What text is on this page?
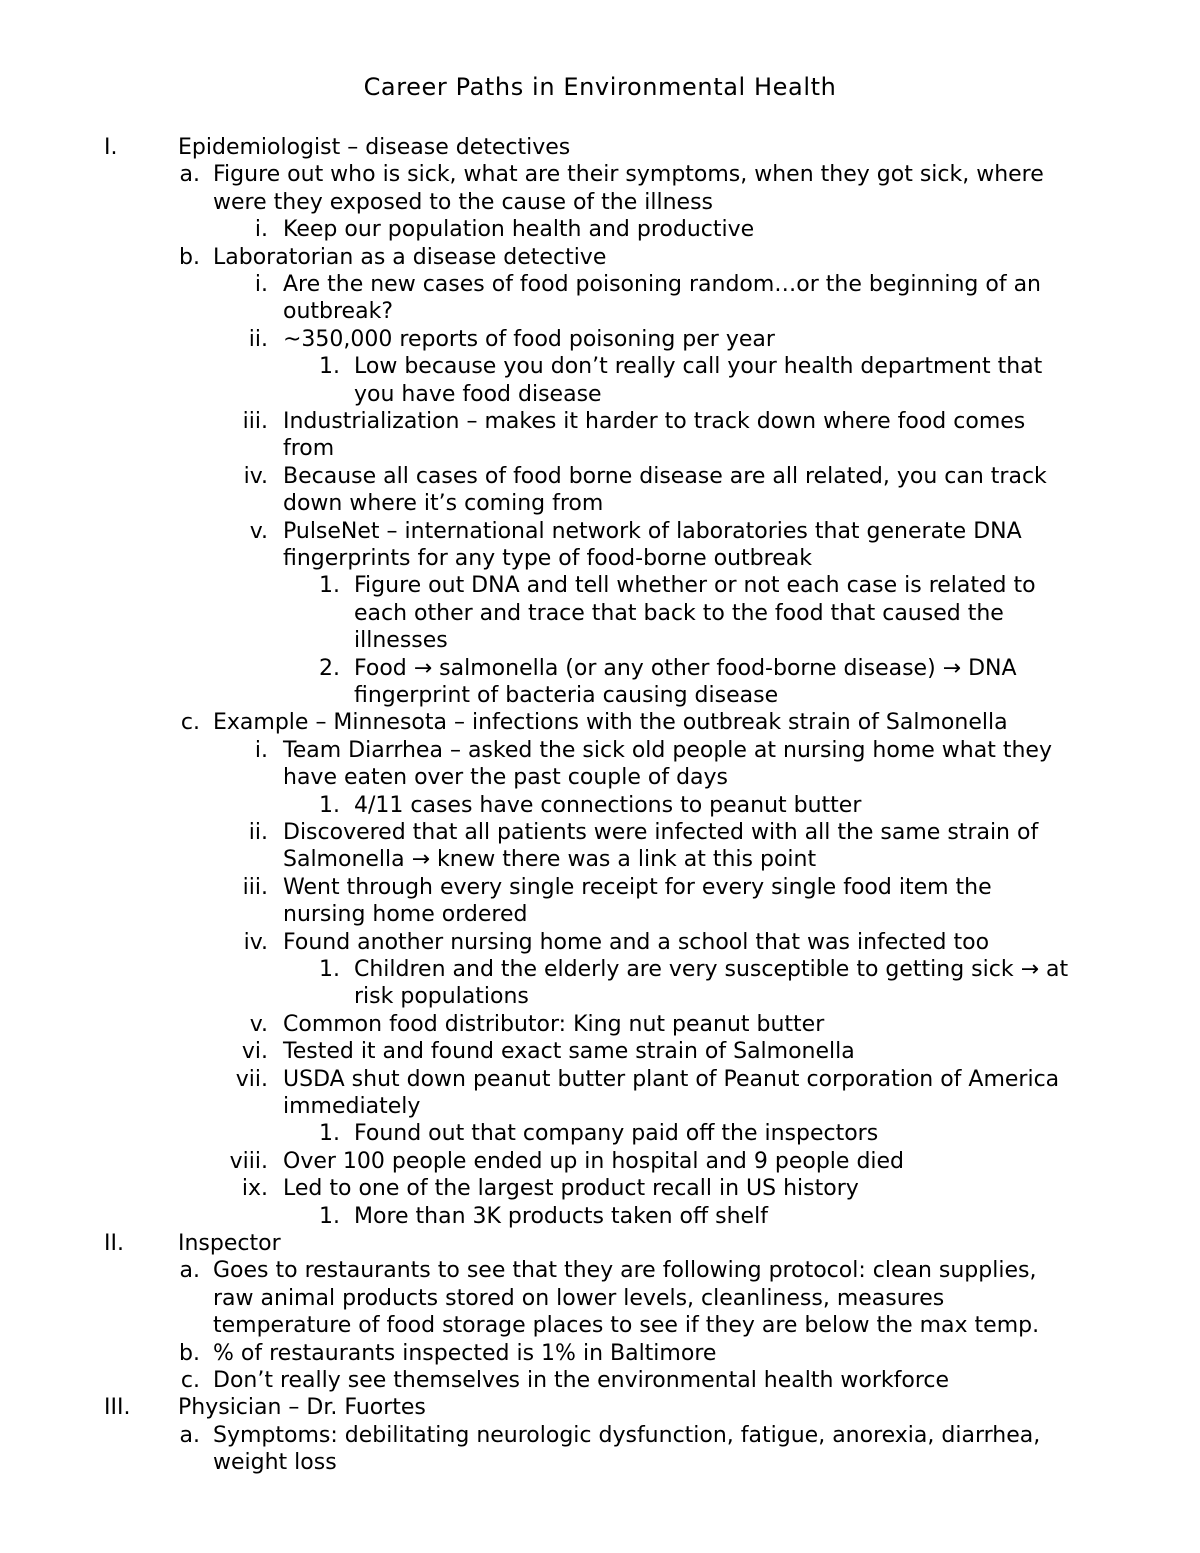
Career Paths in Environmental Health
I.	Epidemiologist – disease detectives
a. Figure out who is sick, what are their symptoms, when they got sick, where
were they exposed to the cause of the illness
i. Keep our population health and productive
b. Laboratorian as a disease detective
i. Are the new cases of food poisoning random…or the beginning of an
outbreak?
ii. ~350,000 reports of food poisoning per year
1. Low because you don’t really call your health department that
you have food disease
iii. Industrialization – makes it harder to track down where food comes
from
iv. Because all cases of food borne disease are all related, you can track
down where it’s coming from
v. PulseNet – international network of laboratories that generate DNA
fingerprints for any type of food-borne outbreak
1. Figure out DNA and tell whether or not each case is related to
each other and trace that back to the food that caused the
illnesses
2. Food → salmonella (or any other food-borne disease) → DNA
fingerprint of bacteria causing disease
c. Example – Minnesota – infections with the outbreak strain of Salmonella
i. Team Diarrhea – asked the sick old people at nursing home what they
have eaten over the past couple of days
1. 4/11 cases have connections to peanut butter
ii. Discovered that all patients were infected with all the same strain of
Salmonella → knew there was a link at this point
iii. Went through every single receipt for every single food item the
nursing home ordered
iv. Found another nursing home and a school that was infected too
1. Children and the elderly are very susceptible to getting sick → at
risk populations
v. Common food distributor: King nut peanut butter
vi. Tested it and found exact same strain of Salmonella
vii. USDA shut down peanut butter plant of Peanut corporation of America
immediately
1. Found out that company paid off the inspectors
viii. Over 100 people ended up in hospital and 9 people died
ix. Led to one of the largest product recall in US history
1. More than 3K products taken off shelf
II. Inspector
a. Goes to restaurants to see that they are following protocol: clean supplies,
raw animal products stored on lower levels, cleanliness, measures
temperature of food storage places to see if they are below the max temp.
b. % of restaurants inspected is 1% in Baltimore
c. Don’t really see themselves in the environmental health workforce
III. Physician – Dr. Fuortes
a. Symptoms: debilitating neurologic dysfunction, fatigue, anorexia, diarrhea,
weight loss
